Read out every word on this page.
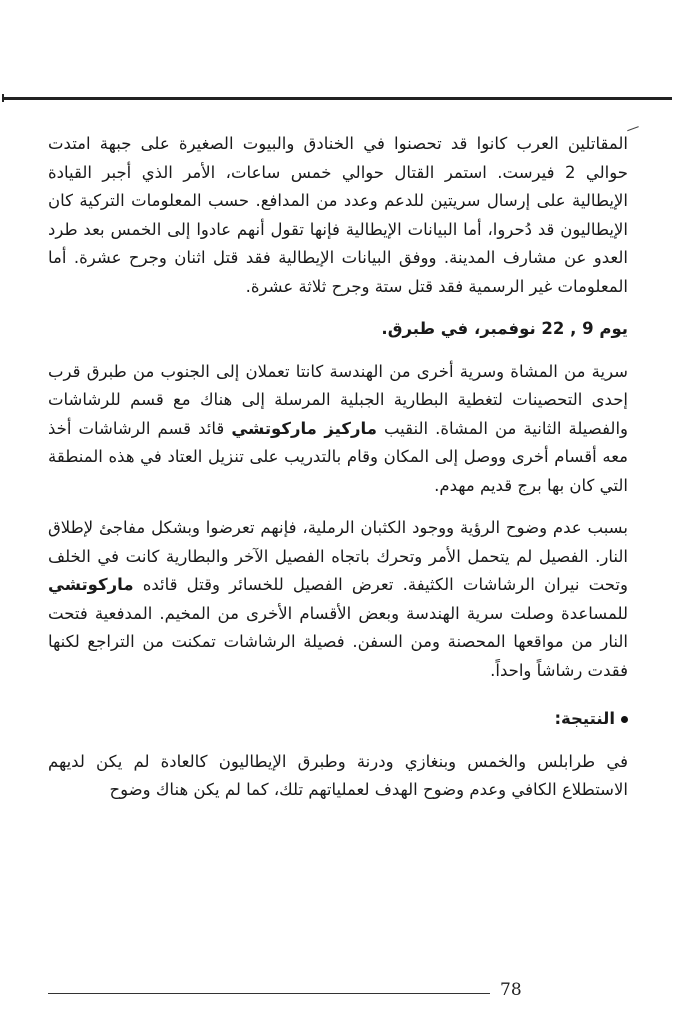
المقاتلين العرب كانوا قد تحصنوا في الخنادق والبيوت الصغيرة على جبهة امتدت حوالي 2 فيرست. استمر القتال حوالي خمس ساعات، الأمر الذي أجبر القيادة الإيطالية على إرسال سريتين للدعم وعدد من المدافع. حسب المعلومات التركية كان الإيطاليون قد دُحروا، أما البيانات الإيطالية فإنها تقول أنهم عادوا إلى الخمس بعد طرد العدو عن مشارف المدينة. ووفق البيانات الإيطالية فقد قتل اثنان وجرح عشرة. أما المعلومات غير الرسمية فقد قتل ستة وجرح ثلاثة عشرة.

يوم 9 , 22 نوفمبر، في طبرق.

سرية من المشاة وسرية أخرى من الهندسة كانتا تعملان إلى الجنوب من طبرق قرب إحدى التحصينات لتغطية البطارية الجبلية المرسلة إلى هناك مع قسم للرشاشات والفصيلة الثانية من المشاة. النقيب ماركيز ماركوتشي قائد قسم الرشاشات أخذ معه أقسام أخرى ووصل إلى المكان وقام بالتدريب على تنزيل العتاد في هذه المنطقة التي كان بها برج قديم مهدم.

بسبب عدم وضوح الرؤية ووجود الكثبان الرملية، فإنهم تعرضوا وبشكل مفاجئ لإطلاق النار. الفصيل لم يتحمل الأمر وتحرك باتجاه الفصيل الآخر والبطارية كانت في الخلف وتحت نيران الرشاشات الكثيفة. تعرض الفصيل للخسائر وقتل قائده ماركوتشي للمساعدة وصلت سرية الهندسة وبعض الأقسام الأخرى من المخيم. المدفعية فتحت النار من مواقعها المحصنة ومن السفن. فصيلة الرشاشات تمكنت من التراجع لكنها فقدت رشاشاً واحداً.

النتيجة:

في طرابلس والخمس وبنغازي ودرنة وطبرق الإيطاليون كالعادة لم يكن لديهم الاستطلاع الكافي وعدم وضوح الهدف لعملياتهم تلك، كما لم يكن هناك وضوح

78
